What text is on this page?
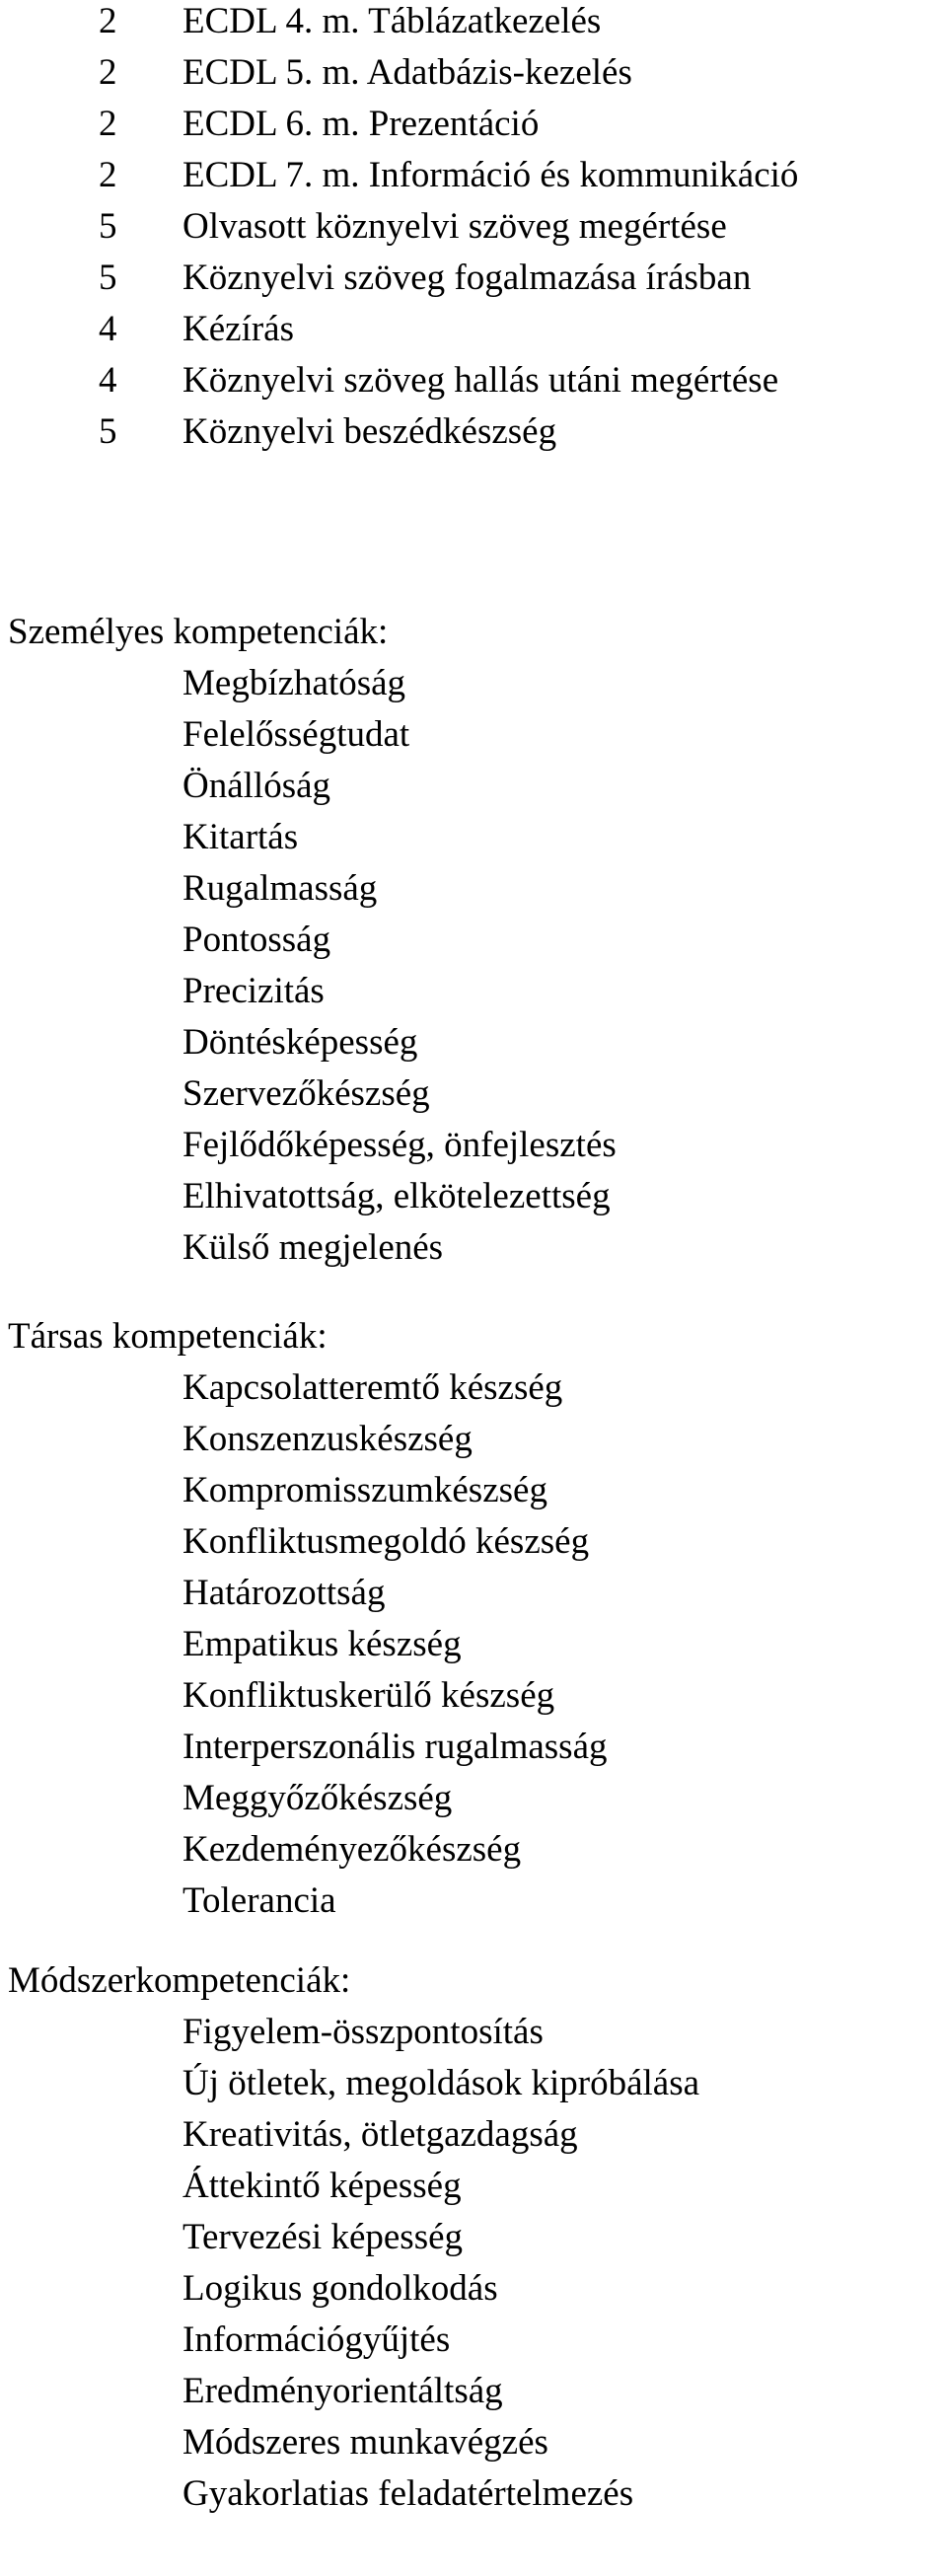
2 ECDL 4. m. Táblázatkezelés
2 ECDL 5. m. Adatbázis-kezelés
2 ECDL 6. m. Prezentáció
2 ECDL 7. m. Információ és kommunikáció
5 Olvasott köznyelvi szöveg megértése
5 Köznyelvi szöveg fogalmazása írásban
4 Kézírás
4 Köznyelvi szöveg hallás utáni megértése
5 Köznyelvi beszédkészség
Személyes kompetenciák:
Megbízhatóság
Felelősségtudat
Önállóság
Kitartás
Rugalmasság
Pontosság
Precizitás
Döntésképesség
Szervezőkészség
Fejlődőképesség, önfejlesztés
Elhivatottság, elkötelezettség
Külső megjelenés
Társas kompetenciák:
Kapcsolatteremtő készség
Konszenzuskészség
Kompromisszumkészség
Konfliktusmegoldó készség
Határozottság
Empatikus készség
Konfliktuskerülő készség
Interperszonális rugalmasság
Meggyőzőkészség
Kezdeményezőkészség
Tolerancia
Módszerkompetenciák:
Figyelem-összpontosítás
Új ötletek, megoldások kipróbálása
Kreativitás, ötletgazdagság
Áttekintő képesség
Tervezési képesség
Logikus gondolkodás
Információgyűjtés
Eredményorientáltság
Módszeres munkavégzés
Gyakorlatias feladatértelmezés
